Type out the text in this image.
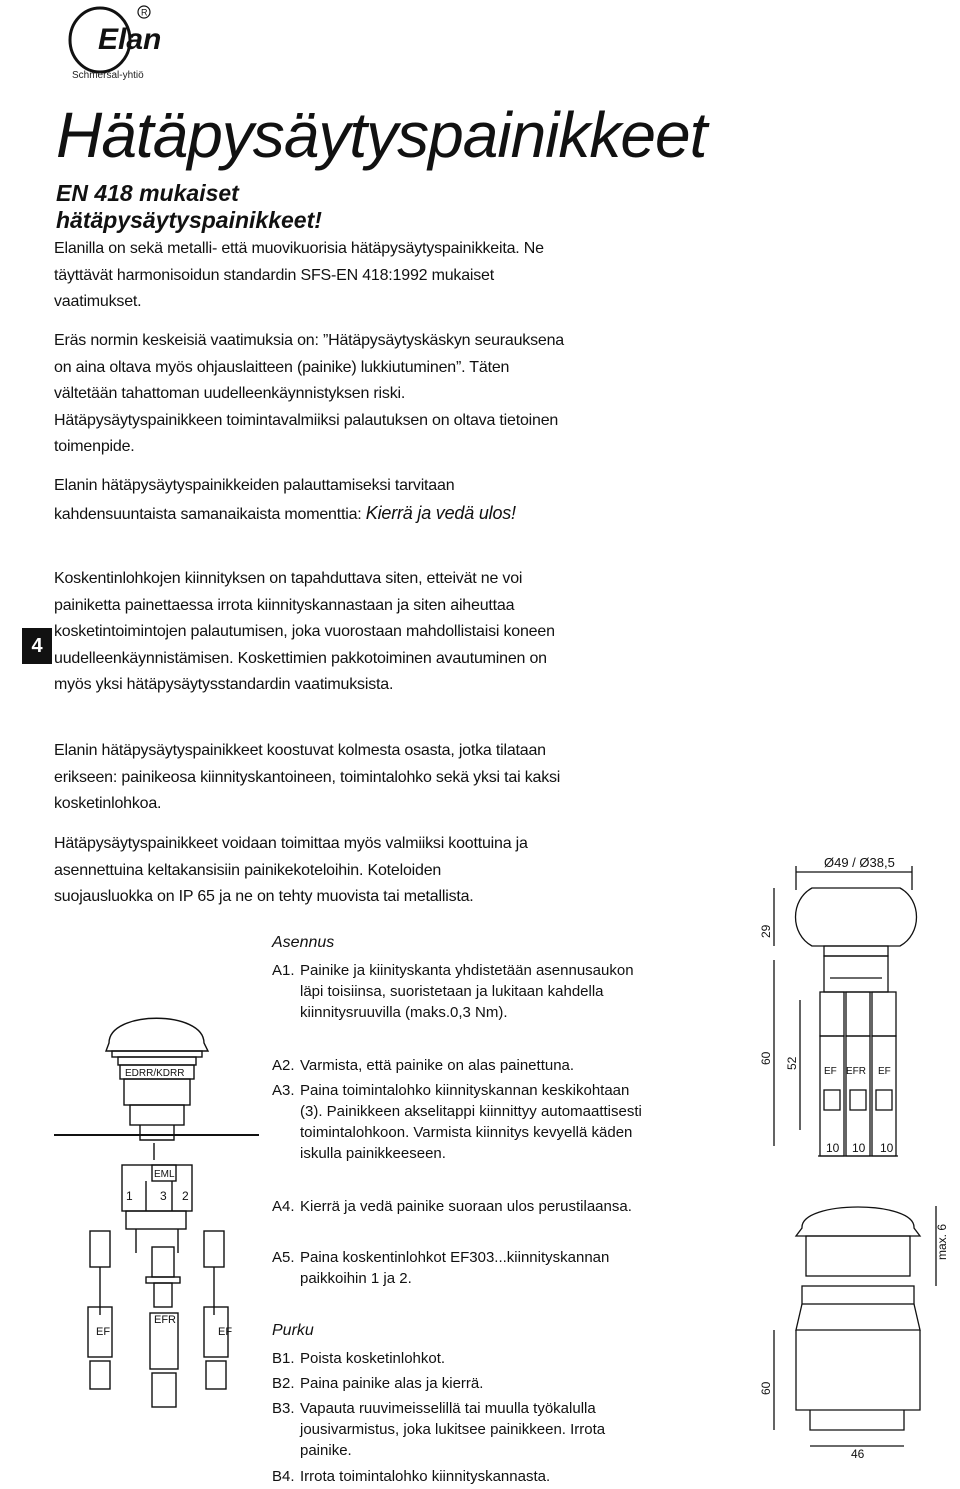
Elan
R
Schmersal-yhtiö
Hätäpysäytyspainikkeet
EN 418 mukaiset
hätäpysäytyspainikkeet!

Elanilla on sekä metalli- että muovikuorisia hätäpysäytyspainikkeita. Ne täyttävät harmonisoidun standardin SFS-EN 418:1992 mukaiset vaatimukset.

Eräs normin keskeisiä vaatimuksia on: ”Hätäpysäytyskäskyn seurauksena on aina oltava myös ohjauslaitteen (painike) lukkiutuminen”. Täten vältetään tahattoman uudelleenkäynnistyksen riski. Hätäpysäytyspainikkeen toimintavalmiiksi palautuksen on oltava tietoinen toimenpide.

Elanin hätäpysäytyspainikkeiden palauttamiseksi tarvitaan kahdensuuntaista samanaikaista momenttia: Kierrä ja vedä ulos!

Koskentinlohkojen kiinnityksen on tapahduttava siten, etteivät ne voi painiketta painettaessa irrota kiinnityskannastaan ja siten aiheuttaa kosketintoimintojen palautumisen, joka vuorostaan mahdollistaisi koneen uudelleenkäynnistämisen. Koskettimien pakkotoiminen avautuminen on myös yksi hätäpysäytysstandardin vaatimuksista.

Elanin hätäpysäytyspainikkeet koostuvat kolmesta osasta, jotka tilataan erikseen: painikeosa kiinnityskantoineen, toimintalohko sekä yksi tai kaksi kosketinlohkoa.

Hätäpysäytyspainikkeet voidaan toimittaa myös valmiiksi koottuina ja asennettuina keltakansisiin painikekoteloihin. Koteloiden suojausluokka on IP 65 ja ne on tehty muovista tai metallista.

4
Asennus
A1. Painike ja kiinityskanta yhdistetään asennusaukon läpi toisiinsa, suoristetaan ja lukitaan kahdella kiinnitysruuvilla (maks.0,3 Nm).
A2. Varmista, että painike on alas painettuna.
A3. Paina toimintalohko kiinnityskannan keskikohtaan (3). Painikkeen akselitappi kiinnittyy automaattisesti toimintalohkoon. Varmista kiinnitys kevyellä käden iskulla painikkeeseen.
A4. Kierrä ja vedä painike suoraan ulos perustilaansa.
A5. Paina koskentinlohkot EF303...kiinnityskannan paikkoihin 1 ja 2.
Purku
B1. Poista kosketinlohkot.
B2. Paina painike alas ja kierrä.
B3. Vapauta ruuvimeisselillä tai muulla työkalulla jousivarmistus, joka lukitsee painikkeen. Irrota painike.
B4. Irrota toimintalohko kiinnityskannasta.
EDRR/KDRR
EML
1 3 2
EF
EFR
EF
Ø49 / Ø38,5
29
EF EFR EF
60 52
10 10 10
max. 6
60
46
